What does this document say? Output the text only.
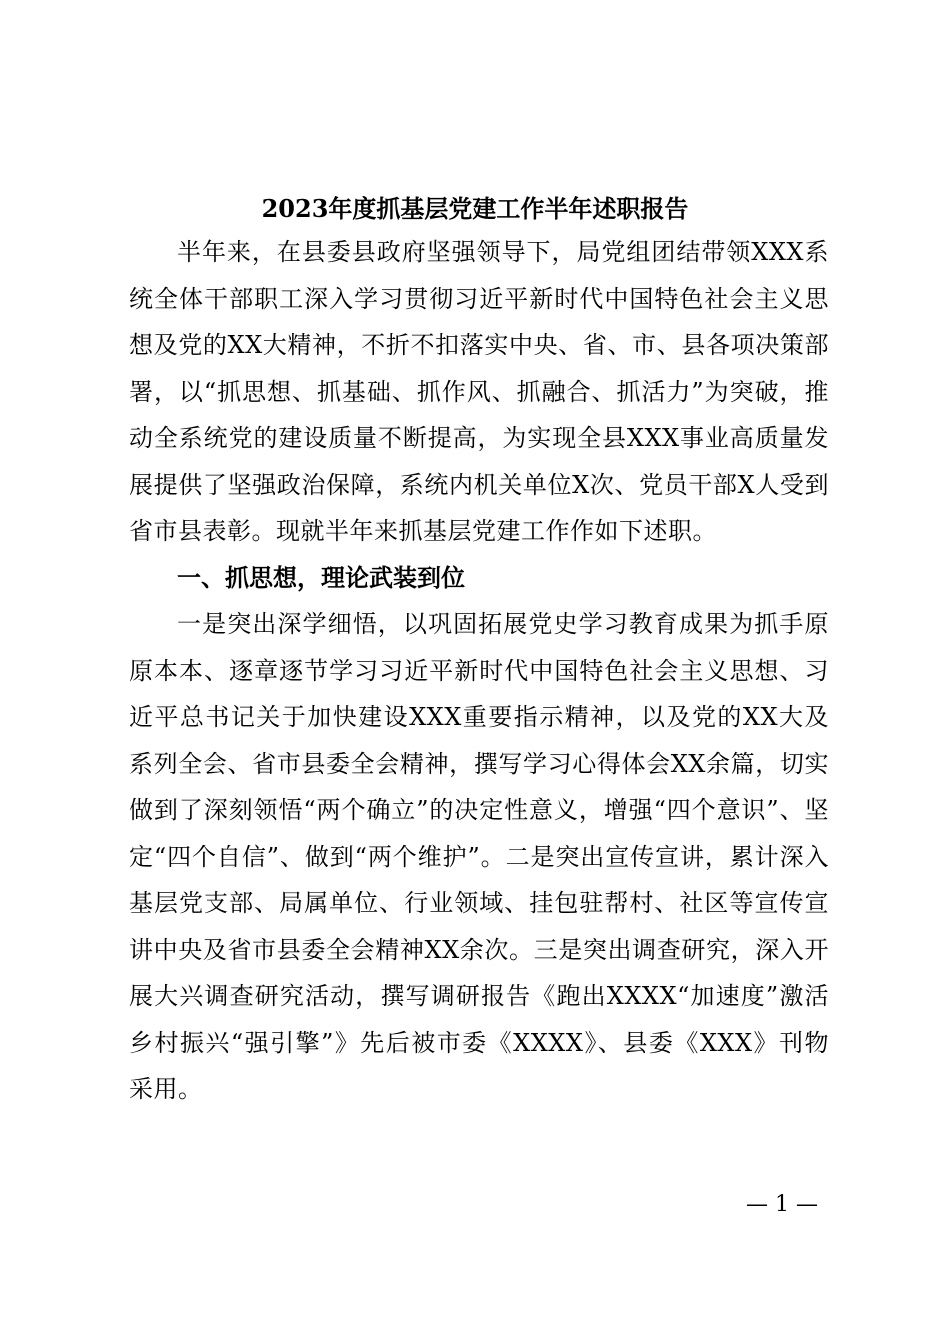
2023年度抓基层党建工作半年述职报告

半年来，在县委县政府坚强领导下，局党组团结带领XXX系统全体干部职工深入学习贯彻习近平新时代中国特色社会主义思想及党的XX大精神，不折不扣落实中央、省、市、县各项决策部署，以“抓思想、抓基础、抓作风、抓融合、抓活力”为突破，推动全系统党的建设质量不断提高，为实现全县XXX事业高质量发展提供了坚强政治保障，系统内机关单位X次、党员干部X人受到省市县表彰。现就半年来抓基层党建工作作如下述职。

一、抓思想，理论武装到位

一是突出深学细悟，以巩固拓展党史学习教育成果为抓手原原本本、逐章逐节学习习近平新时代中国特色社会主义思想、习近平总书记关于加快建设XXX重要指示精神，以及党的XX大及系列全会、省市县委全会精神，撰写学习心得体会XX余篇，切实做到了深刻领悟“两个确立”的决定性意义，增强“四个意识”、坚定“四个自信”、做到“两个维护”。二是突出宣传宣讲，累计深入基层党支部、局属单位、行业领域、挂包驻帮村、社区等宣传宣讲中央及省市县委全会精神XX余次。三是突出调查研究，深入开展大兴调查研究活动，撰写调研报告《跑出XXXX“加速度”激活乡村振兴“强引擎”》先后被市委《XXXX》、县委《XXX》刊物采用。

— 1 —
